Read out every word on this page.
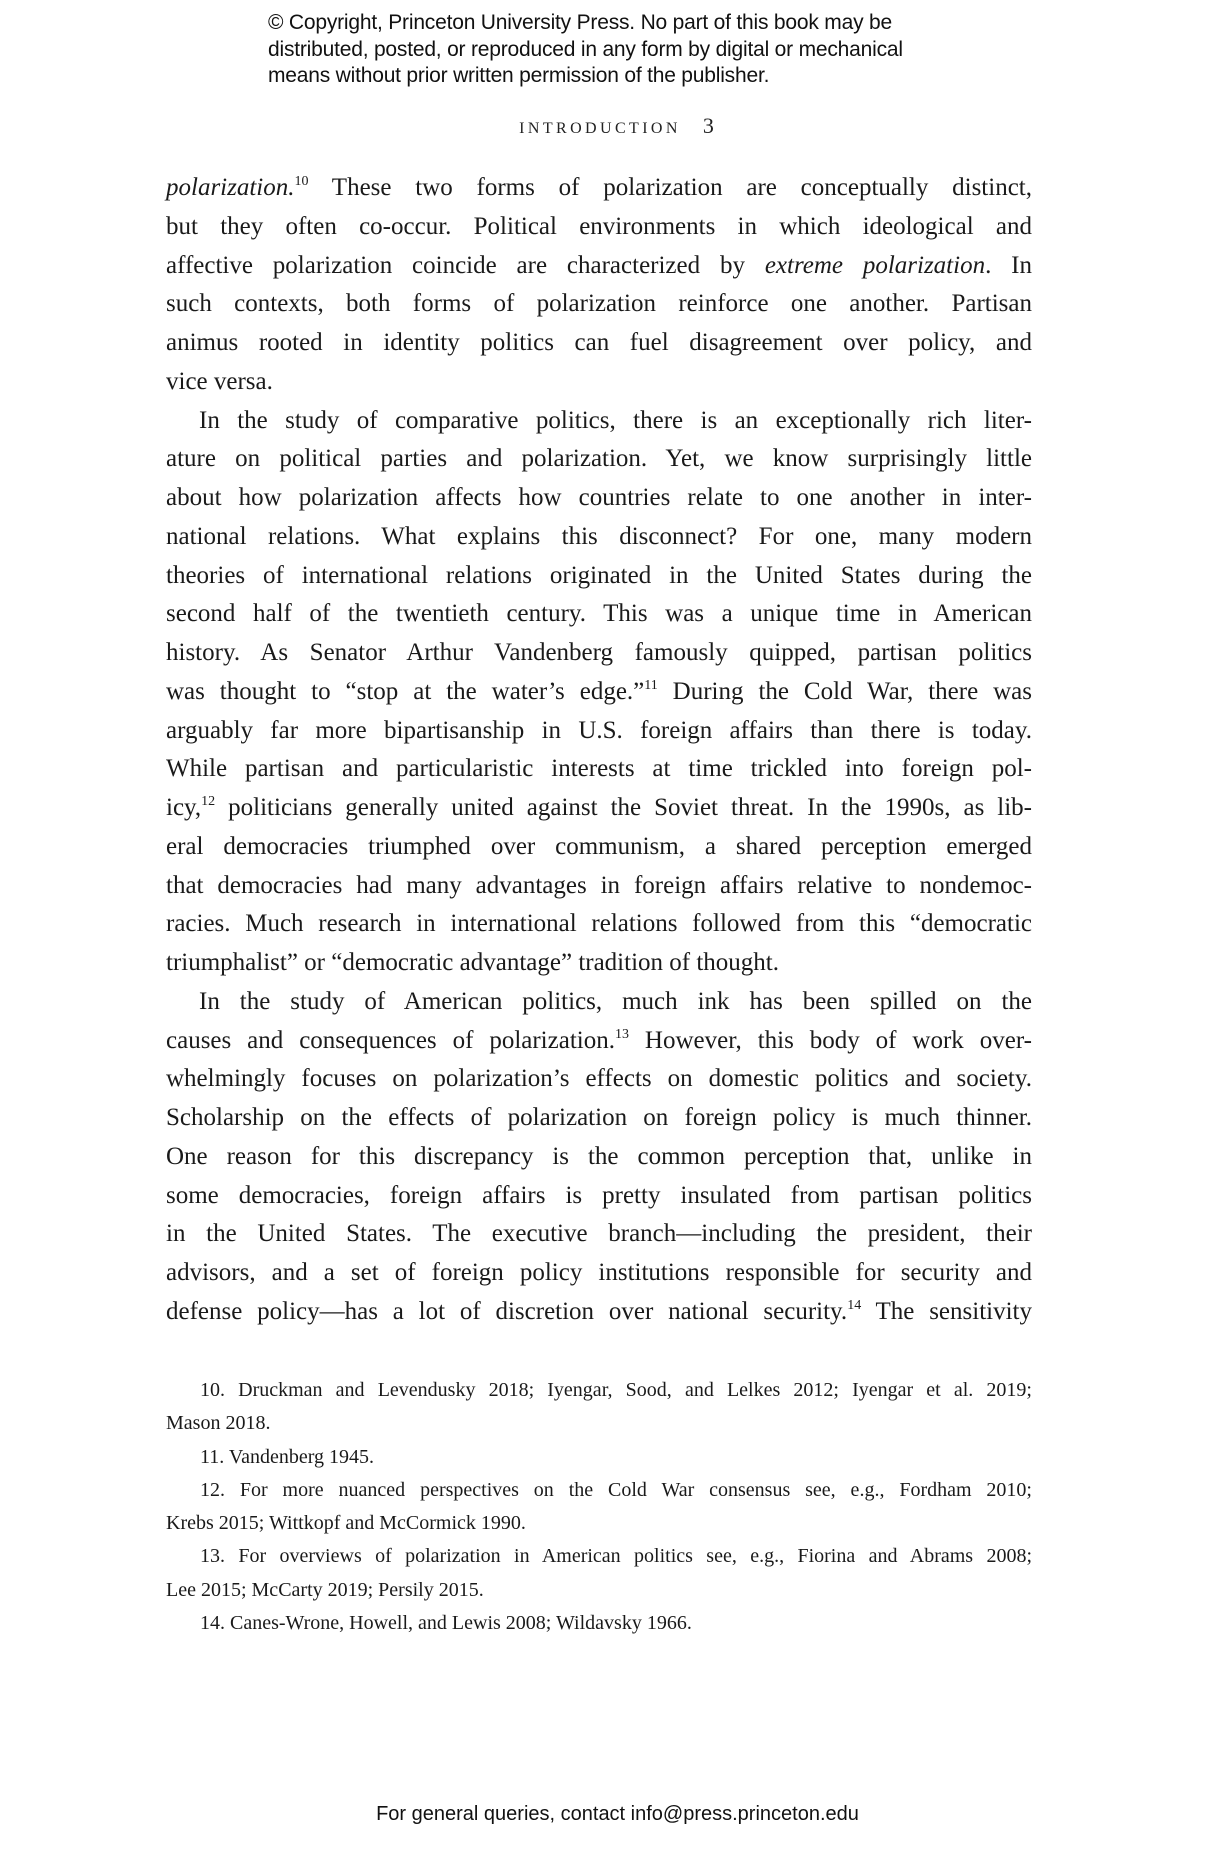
© Copyright, Princeton University Press. No part of this book may be
distributed, posted, or reproduced in any form by digital or mechanical
means without prior written permission of the publisher.
INTRODUCTION 3
polarization.$^{10}$ These two forms of polarization are conceptually distinct,
but they often co-occur. Political environments in which ideological and
affective polarization coincide are characterized by extreme polarization. In
such contexts, both forms of polarization reinforce one another. Partisan
animus rooted in identity politics can fuel disagreement over policy, and
vice versa.
In the study of comparative politics, there is an exceptionally rich liter-
ature on political parties and polarization. Yet, we know surprisingly little
about how polarization affects how countries relate to one another in inter-
national relations. What explains this disconnect? For one, many modern
theories of international relations originated in the United States during the
second half of the twentieth century. This was a unique time in American
history. As Senator Arthur Vandenberg famously quipped, partisan politics
was thought to “stop at the water’s edge.”$^{11}$ During the Cold War, there was
arguably far more bipartisanship in U.S. foreign affairs than there is today.
While partisan and particularistic interests at time trickled into foreign pol-
icy,$^{12}$ politicians generally united against the Soviet threat. In the 1990s, as lib-
eral democracies triumphed over communism, a shared perception emerged
that democracies had many advantages in foreign affairs relative to nondemoc-
racies. Much research in international relations followed from this “democratic
triumphalist” or “democratic advantage” tradition of thought.
In the study of American politics, much ink has been spilled on the
causes and consequences of polarization.$^{13}$ However, this body of work over-
whelmingly focuses on polarization’s effects on domestic politics and society.
Scholarship on the effects of polarization on foreign policy is much thinner.
One reason for this discrepancy is the common perception that, unlike in
some democracies, foreign affairs is pretty insulated from partisan politics
in the United States. The executive branch—including the president, their
advisors, and a set of foreign policy institutions responsible for security and
defense policy—has a lot of discretion over national security.$^{14}$ The sensitivity
10. Druckman and Levendusky 2018; Iyengar, Sood, and Lelkes 2012; Iyengar et al. 2019;
Mason 2018.
11. Vandenberg 1945.
12. For more nuanced perspectives on the Cold War consensus see, e.g., Fordham 2010;
Krebs 2015; Wittkopf and McCormick 1990.
13. For overviews of polarization in American politics see, e.g., Fiorina and Abrams 2008;
Lee 2015; McCarty 2019; Persily 2015.
14. Canes-Wrone, Howell, and Lewis 2008; Wildavsky 1966.
For general queries, contact info@press.princeton.edu
